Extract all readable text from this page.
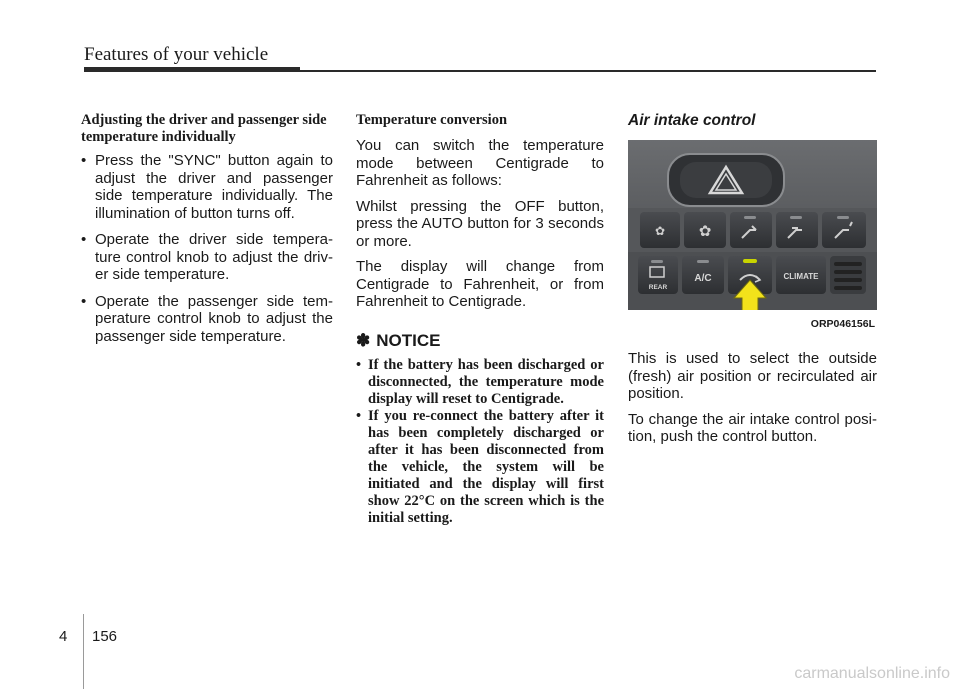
Features of your vehicle
Adjusting the driver and passenger side temperature individually
• Press the "SYNC" button again to adjust the driver and passenger side temperature individually. The illumination of button turns off.
• Operate the driver side tempera-ture control knob to adjust the driv-er side temperature.
• Operate the passenger side tem-perature control knob to adjust the passenger side temperature.
Temperature conversion

You can switch the temperature mode between Centigrade to Fahrenheit as follows:

Whilst pressing the OFF button, press the AUTO button for 3 seconds or more.

The display will change from Centigrade to Fahrenheit, or from Fahrenheit to Centigrade.

✽ NOTICE
• If the battery has been discharged or disconnected, the temperature mode display will reset to Centigrade.
• If you re-connect the battery after it has been completely discharged or after it has been disconnected from the vehicle, the system will be initiated and the display will first show 22°C on the screen which is the initial setting.
Air intake control
✿ ✿
REAR
A/C	CLIMATE
ORP046156L

This is used to select the outside (fresh) air position or recirculated air position.

To change the air intake control posi-tion, push the control button.

4 156
carmanualsonline.info
